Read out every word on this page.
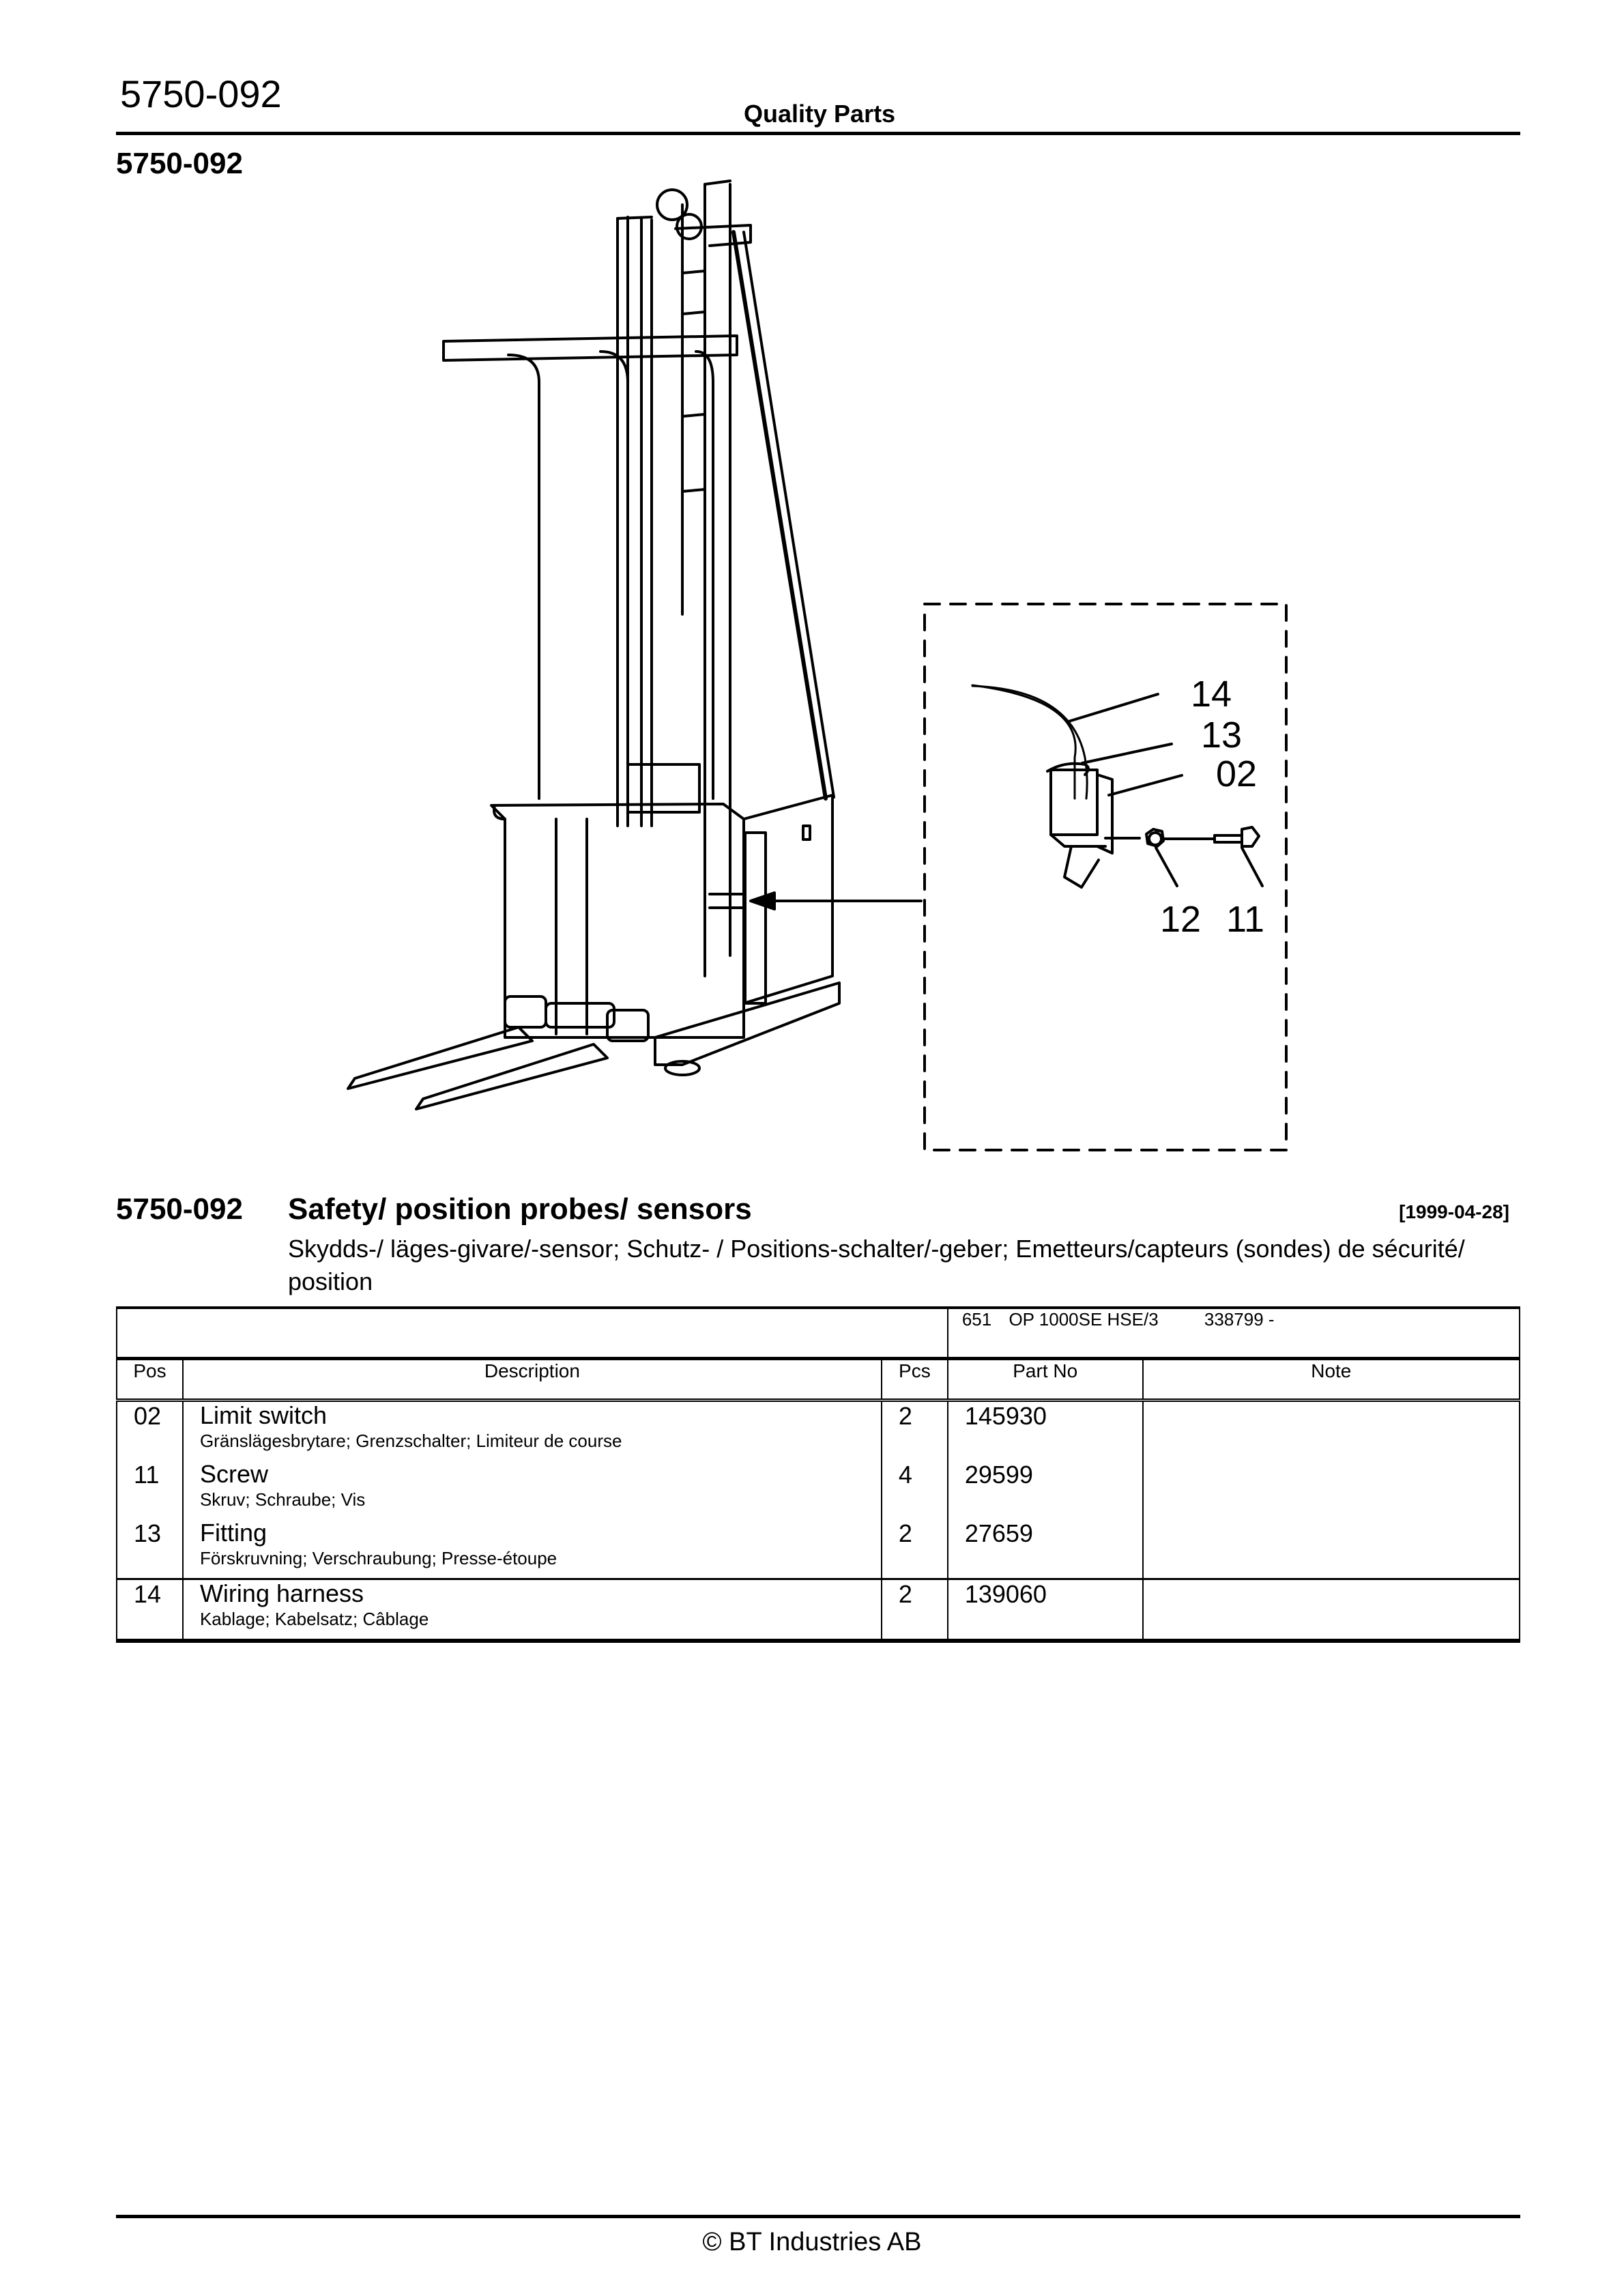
5750-092	Quality Parts
5750-092
14
13
02
12 11
5750-092 Safety/ position probes/ sensors	[1999-04-28]
Skydds-/ läges-givare/-sensor; Schutz- / Positions-schalter/-geber; Emetteurs/capteurs (sondes) de sécurité/ position
			651 OP 1000SE HSE/3 338799 -	
Pos	Description	Pcs	Part No	Note
02	Limit switch
Gränslägesbrytare; Grenzschalter; Limiteur de course	2	145930	
11	Screw
Skruv; Schraube; Vis	4	29599	
13	Fitting
Förskruvning; Verschraubung; Presse-étoupe	2	27659	
14	Wiring harness
Kablage; Kabelsatz; Câblage	2	139060	
© BT Industries AB
